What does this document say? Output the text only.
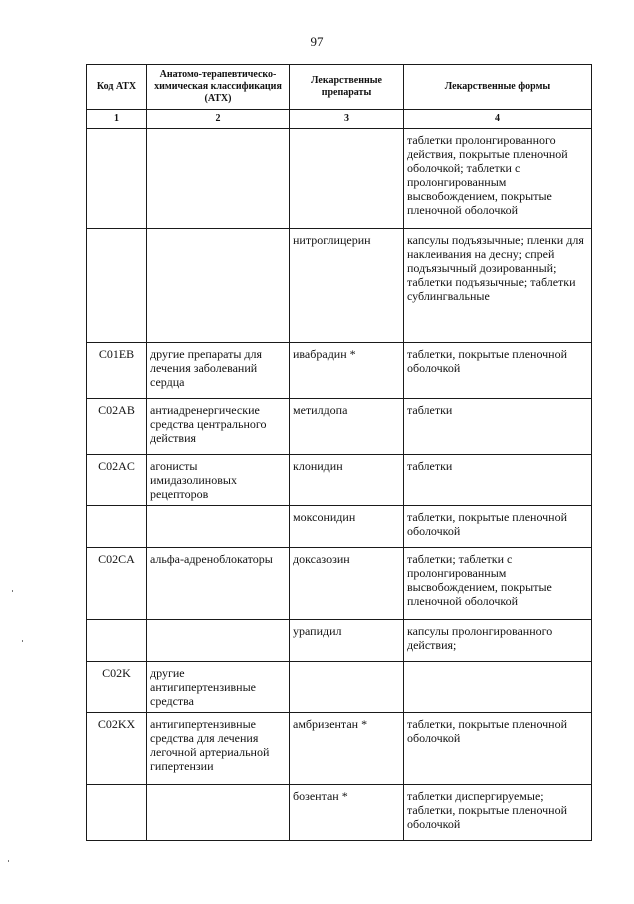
97
Код АТХ	Анатомо-терапевтическо-химическая классификация (АТХ)	Лекарственные препараты	Лекарственные формы
1	2	3	4
			таблетки пролонгированного действия, покрытые пленочной оболочкой; таблетки с пролонгированным высвобождением, покрытые пленочной оболочкой
		нитроглицерин	капсулы подъязычные; пленки для наклеивания на десну; спрей подъязычный дозированный; таблетки подъязычные; таблетки сублингвальные
C01EB	другие препараты для лечения заболеваний сердца	ивабрадин *	таблетки, покрытые пленочной оболочкой
C02AB	антиадренергические средства центрального действия	метилдопа	таблетки
C02AC	агонисты имидазолиновых рецепторов	клонидин	таблетки
		моксонидин	таблетки, покрытые пленочной оболочкой
C02CA	альфа-адреноблокаторы	доксазозин	таблетки; таблетки с пролонгированным высвобождением, покрытые пленочной оболочкой
		урапидил	капсулы пролонгированного действия;
C02K	другие антигипертензивные средства		
C02KX	антигипертензивные средства для лечения легочной артериальной гипертензии	амбризентан *	таблетки, покрытые пленочной оболочкой
		бозентан *	таблетки диспергируемые; таблетки, покрытые пленочной оболочкой
